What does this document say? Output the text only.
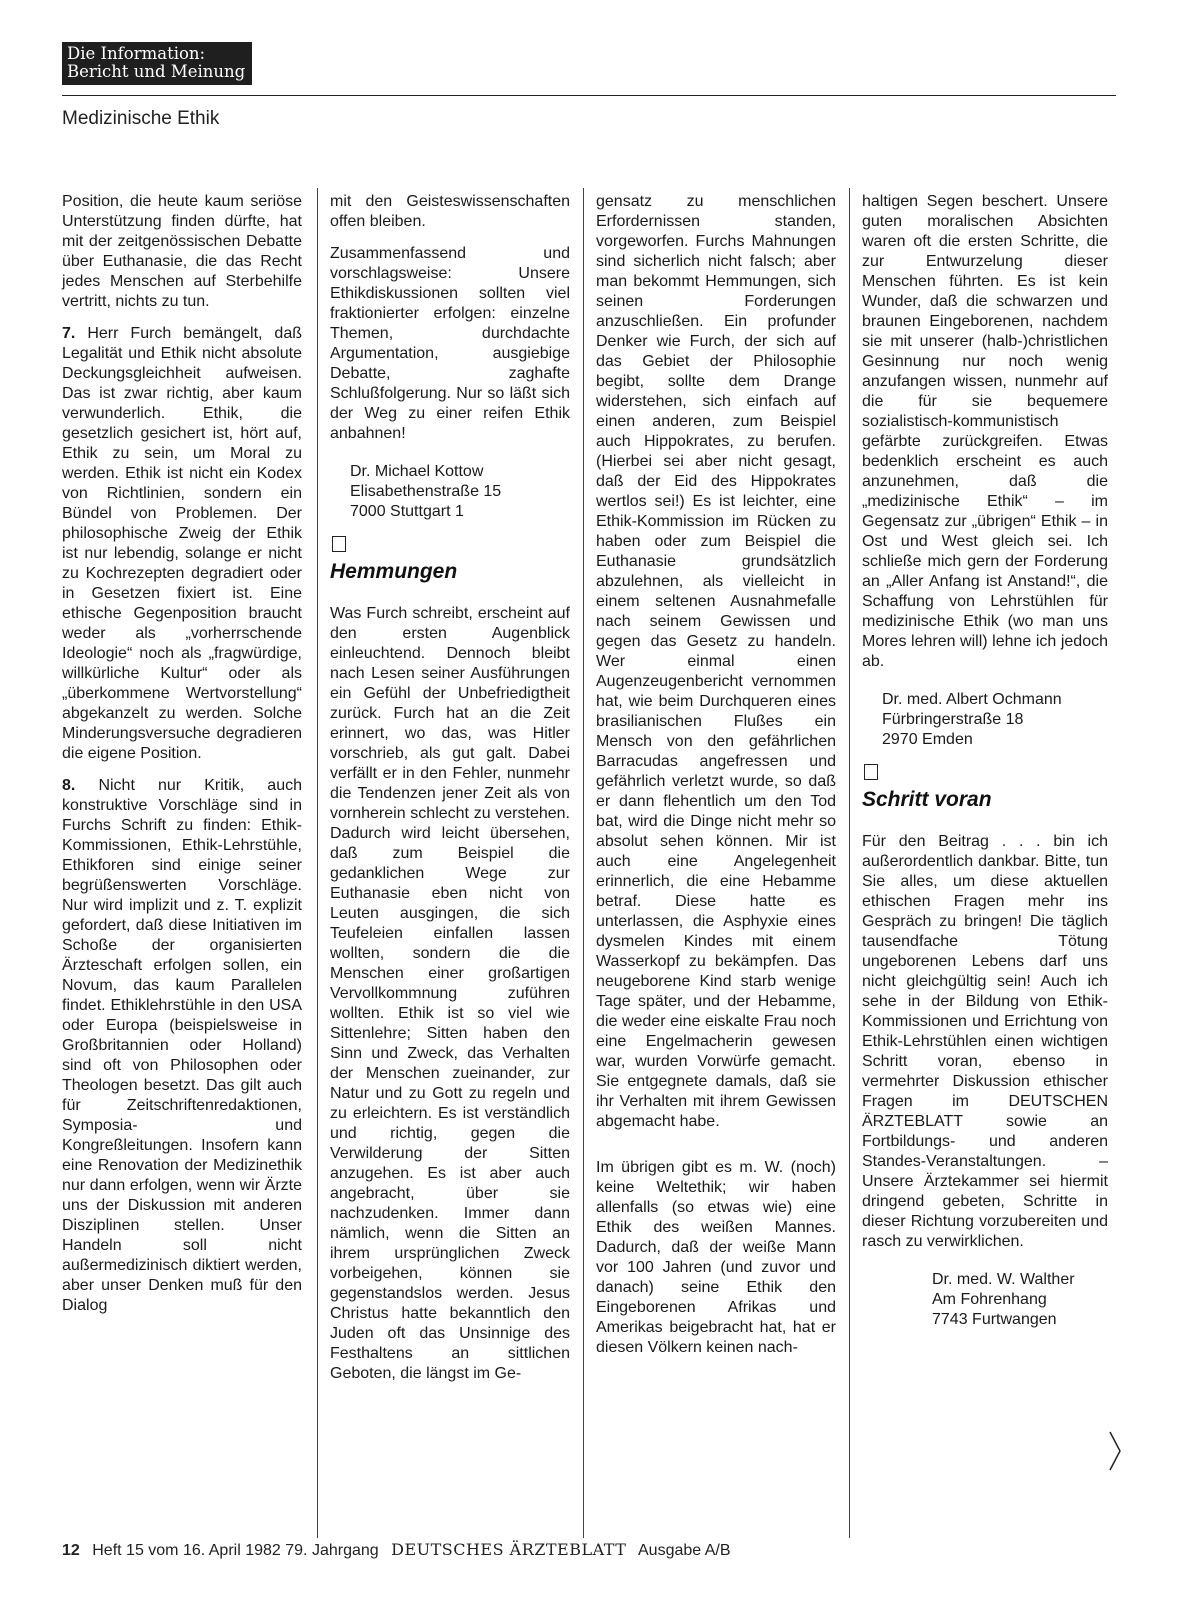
Die Information:
Bericht und Meinung
Medizinische Ethik

Position, die heute kaum seriöse Unterstützung finden dürfte, hat mit der zeitgenössischen Debatte über Euthanasie, die das Recht jedes Menschen auf Sterbehilfe vertritt, nichts zu tun.

7. Herr Furch bemängelt, daß Legalität und Ethik nicht absolute Deckungsgleichheit aufweisen. Das ist zwar richtig, aber kaum verwunderlich. Ethik, die gesetzlich gesichert ist, hört auf, Ethik zu sein, um Moral zu werden. Ethik ist nicht ein Kodex von Richtlinien, sondern ein Bündel von Problemen. Der philosophische Zweig der Ethik ist nur lebendig, solange er nicht zu Kochrezepten degradiert oder in Gesetzen fixiert ist. Eine ethische Gegenposition braucht weder als „vorherrschende Ideologie“ noch als „fragwürdige, willkürliche Kultur“ oder als „überkommene Wertvorstellung“ abgekanzelt zu werden. Solche Minderungsversuche degradieren die eigene Position.

8. Nicht nur Kritik, auch konstruktive Vorschläge sind in Furchs Schrift zu finden: Ethik-Kommissionen, Ethik-Lehrstühle, Ethikforen sind einige seiner begrüßenswerten Vorschläge. Nur wird implizit und z. T. explizit gefordert, daß diese Initiativen im Schoße der organisierten Ärzteschaft erfolgen sollen, ein Novum, das kaum Parallelen findet. Ethiklehrstühle in den USA oder Europa (beispielsweise in Großbritannien oder Holland) sind oft von Philosophen oder Theologen besetzt. Das gilt auch für Zeitschriftenredaktionen, Symposia- und Kongreßleitungen. Insofern kann eine Renovation der Medizinethik nur dann erfolgen, wenn wir Ärzte uns der Diskussion mit anderen Disziplinen stellen. Unser Handeln soll nicht außermedizinisch diktiert werden, aber unser Denken muß für den Dialog

mit den Geisteswissenschaften offen bleiben.

Zusammenfassend und vorschlagsweise: Unsere Ethikdiskussionen sollten viel fraktionierter erfolgen: einzelne Themen, durchdachte Argumentation, ausgiebige Debatte, zaghafte Schlußfolgerung. Nur so läßt sich der Weg zu einer reifen Ethik anbahnen!

Dr. Michael Kottow
Elisabethenstraße 15
7000 Stuttgart 1
Hemmungen

Was Furch schreibt, erscheint auf den ersten Augenblick einleuchtend. Dennoch bleibt nach Lesen seiner Ausführungen ein Gefühl der Unbefriedigtheit zurück. Furch hat an die Zeit erinnert, wo das, was Hitler vorschrieb, als gut galt. Dabei verfällt er in den Fehler, nunmehr die Tendenzen jener Zeit als von vornherein schlecht zu verstehen. Dadurch wird leicht übersehen, daß zum Beispiel die gedanklichen Wege zur Euthanasie eben nicht von Leuten ausgingen, die sich Teufeleien einfallen lassen wollten, sondern die die Menschen einer großartigen Vervollkommnung zuführen wollten. Ethik ist so viel wie Sittenlehre; Sitten haben den Sinn und Zweck, das Verhalten der Menschen zueinander, zur Natur und zu Gott zu regeln und zu erleichtern. Es ist verständlich und richtig, gegen die Verwilderung der Sitten anzugehen. Es ist aber auch angebracht, über sie nachzudenken. Immer dann nämlich, wenn die Sitten an ihrem ursprünglichen Zweck vorbeigehen, können sie gegenstandslos werden. Jesus Christus hatte bekanntlich den Juden oft das Unsinnige des Festhaltens an sittlichen Geboten, die längst im Ge-

gensatz zu menschlichen Erfordernissen standen, vorgeworfen. Furchs Mahnungen sind sicherlich nicht falsch; aber man bekommt Hemmungen, sich seinen Forderungen anzuschließen. Ein profunder Denker wie Furch, der sich auf das Gebiet der Philosophie begibt, sollte dem Drange widerstehen, sich einfach auf einen anderen, zum Beispiel auch Hippokrates, zu berufen. (Hierbei sei aber nicht gesagt, daß der Eid des Hippokrates wertlos sei!) Es ist leichter, eine Ethik-Kommission im Rücken zu haben oder zum Beispiel die Euthanasie grundsätzlich abzulehnen, als vielleicht in einem seltenen Ausnahmefalle nach seinem Gewissen und gegen das Gesetz zu handeln. Wer einmal einen Augenzeugenbericht vernommen hat, wie beim Durchqueren eines brasilianischen Flußes ein Mensch von den gefährlichen Barracudas angefressen und gefährlich verletzt wurde, so daß er dann flehentlich um den Tod bat, wird die Dinge nicht mehr so absolut sehen können. Mir ist auch eine Angelegenheit erinnerlich, die eine Hebamme betraf. Diese hatte es unterlassen, die Asphyxie eines dysmelen Kindes mit einem Wasserkopf zu bekämpfen. Das neugeborene Kind starb wenige Tage später, und der Hebamme, die weder eine eiskalte Frau noch eine Engelmacherin gewesen war, wurden Vorwürfe gemacht. Sie entgegnete damals, daß sie ihr Verhalten mit ihrem Gewissen abgemacht habe.

Im übrigen gibt es m. W. (noch) keine Weltethik; wir haben allenfalls (so etwas wie) eine Ethik des weißen Mannes. Dadurch, daß der weiße Mann vor 100 Jahren (und zuvor und danach) seine Ethik den Eingeborenen Afrikas und Amerikas beigebracht hat, hat er diesen Völkern keinen nach-

haltigen Segen beschert. Unsere guten moralischen Absichten waren oft die ersten Schritte, die zur Entwurzelung dieser Menschen führten. Es ist kein Wunder, daß die schwarzen und braunen Eingeborenen, nachdem sie mit unserer (halb-)christlichen Gesinnung nur noch wenig anzufangen wissen, nunmehr auf die für sie bequemere sozialistisch-kommunistisch gefärbte zurückgreifen. Etwas bedenklich erscheint es auch anzunehmen, daß die „medizinische Ethik“ – im Gegensatz zur „übrigen“ Ethik – in Ost und West gleich sei. Ich schließe mich gern der Forderung an „Aller Anfang ist Anstand!“, die Schaffung von Lehrstühlen für medizinische Ethik (wo man uns Mores lehren will) lehne ich jedoch ab.

Dr. med. Albert Ochmann
Fürbringerstraße 18
2970 Emden
Schritt voran

Für den Beitrag . . . bin ich außerordentlich dankbar. Bitte, tun Sie alles, um diese aktuellen ethischen Fragen mehr ins Gespräch zu bringen! Die täglich tausendfache Tötung ungeborenen Lebens darf uns nicht gleichgültig sein! Auch ich sehe in der Bildung von Ethik-Kommissionen und Errichtung von Ethik-Lehrstühlen einen wichtigen Schritt voran, ebenso in vermehrter Diskussion ethischer Fragen im DEUTSCHEN ÄRZTEBLATT sowie an Fortbildungs- und anderen Standes-Veranstaltungen. – Unsere Ärztekammer sei hiermit dringend gebeten, Schritte in dieser Richtung vorzubereiten und rasch zu verwirklichen.

Dr. med. W. Walther
Am Fohrenhang
7743 Furtwangen
12 Heft 15 vom 16. April 1982 79. Jahrgang DEUTSCHES ÄRZTEBLATT Ausgabe A/B
